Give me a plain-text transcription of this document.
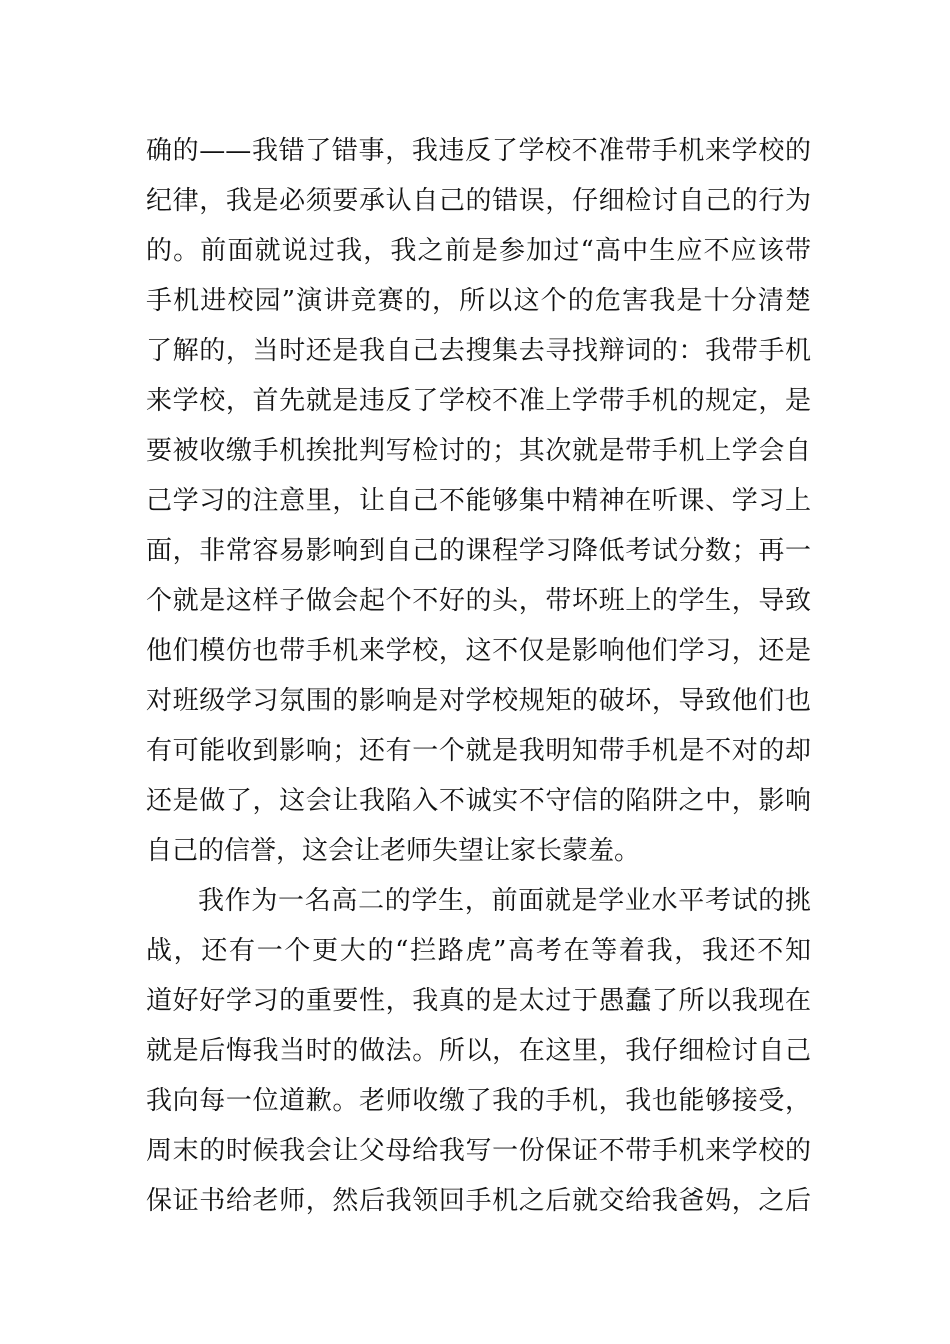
确的——我错了错事，我违反了学校不准带手机来学校的
纪律，我是必须要承认自己的错误，仔细检讨自己的行为
的。前面就说过我，我之前是参加过“高中生应不应该带
手机进校园”演讲竞赛的，所以这个的危害我是十分清楚
了解的，当时还是我自己去搜集去寻找辩词的：我带手机
来学校，首先就是违反了学校不准上学带手机的规定，是
要被收缴手机挨批判写检讨的；其次就是带手机上学会自
己学习的注意里，让自己不能够集中精神在听课、学习上
面，非常容易影响到自己的课程学习降低考试分数；再一
个就是这样子做会起个不好的头，带坏班上的学生，导致
他们模仿也带手机来学校，这不仅是影响他们学习，还是
对班级学习氛围的影响是对学校规矩的破坏，导致他们也
有可能收到影响；还有一个就是我明知带手机是不对的却
还是做了，这会让我陷入不诚实不守信的陷阱之中，影响
自己的信誉，这会让老师失望让家长蒙羞。
我作为一名高二的学生，前面就是学业水平考试的挑
战，还有一个更大的“拦路虎”高考在等着我，我还不知
道好好学习的重要性，我真的是太过于愚蠢了所以我现在
就是后悔我当时的做法。所以，在这里，我仔细检讨自己
我向每一位道歉。老师收缴了我的手机，我也能够接受，
周末的时候我会让父母给我写一份保证不带手机来学校的
保证书给老师，然后我领回手机之后就交给我爸妈，之后
